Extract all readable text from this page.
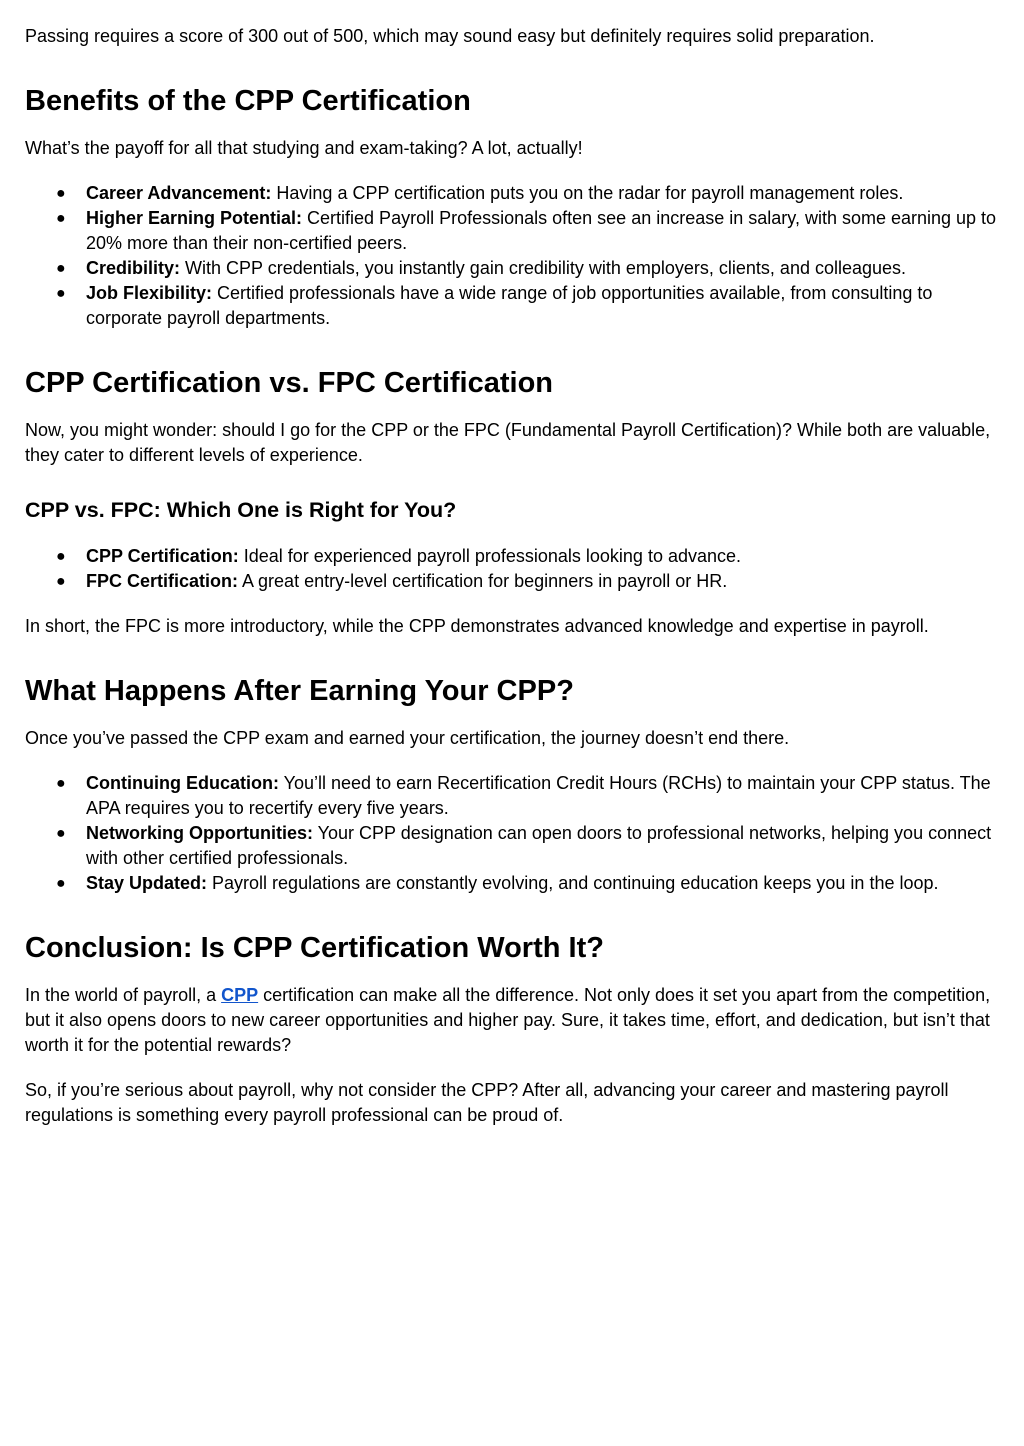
Passing requires a score of 300 out of 500, which may sound easy but definitely requires solid preparation.

Benefits of the CPP Certification

What’s the payoff for all that studying and exam-taking? A lot, actually!

● Career Advancement: Having a CPP certification puts you on the radar for payroll management roles.
● Higher Earning Potential: Certified Payroll Professionals often see an increase in salary, with some earning up to 20% more than their non-certified peers.
● Credibility: With CPP credentials, you instantly gain credibility with employers, clients, and colleagues.
● Job Flexibility: Certified professionals have a wide range of job opportunities available, from consulting to corporate payroll departments.
CPP Certification vs. FPC Certification

Now, you might wonder: should I go for the CPP or the FPC (Fundamental Payroll Certification)? While both are valuable, they cater to different levels of experience.

CPP vs. FPC: Which One is Right for You?
● CPP Certification: Ideal for experienced payroll professionals looking to advance.
● FPC Certification: A great entry-level certification for beginners in payroll or HR.

In short, the FPC is more introductory, while the CPP demonstrates advanced knowledge and expertise in payroll.

What Happens After Earning Your CPP?

Once you’ve passed the CPP exam and earned your certification, the journey doesn’t end there.

● Continuing Education: You’ll need to earn Recertification Credit Hours (RCHs) to maintain your CPP status. The APA requires you to recertify every five years.
● Networking Opportunities: Your CPP designation can open doors to professional networks, helping you connect with other certified professionals.
● Stay Updated: Payroll regulations are constantly evolving, and continuing education keeps you in the loop.
Conclusion: Is CPP Certification Worth It?

In the world of payroll, a CPP certification can make all the difference. Not only does it set you apart from the competition, but it also opens doors to new career opportunities and higher pay. Sure, it takes time, effort, and dedication, but isn’t that worth it for the potential rewards?

So, if you’re serious about payroll, why not consider the CPP? After all, advancing your career and mastering payroll regulations is something every payroll professional can be proud of.
